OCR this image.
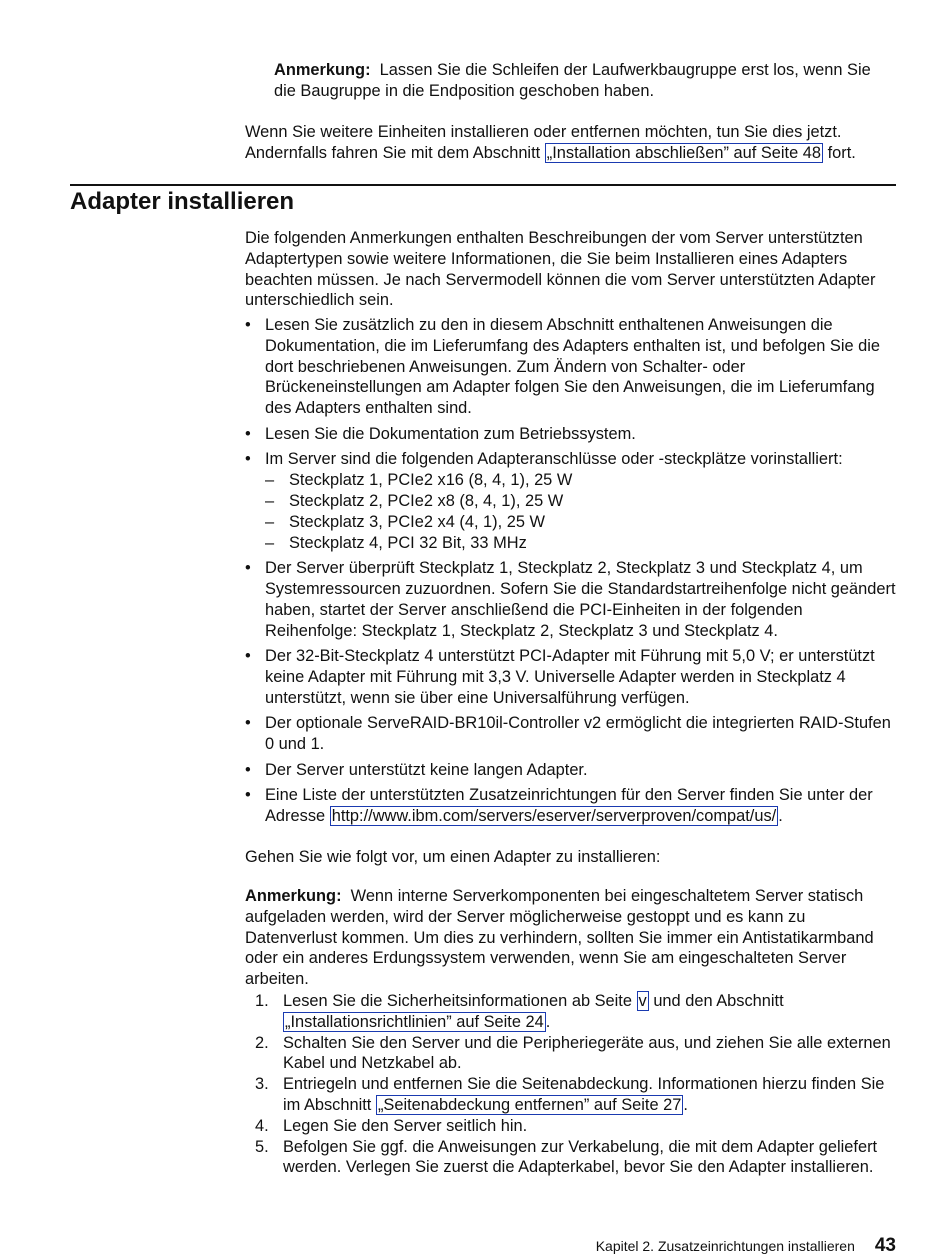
Anmerkung: Lassen Sie die Schleifen der Laufwerkbaugruppe erst los, wenn Sie die Baugruppe in die Endposition geschoben haben.

Wenn Sie weitere Einheiten installieren oder entfernen möchten, tun Sie dies jetzt. Andernfalls fahren Sie mit dem Abschnitt „Installation abschließen” auf Seite 48 fort.

Adapter installieren

Die folgenden Anmerkungen enthalten Beschreibungen der vom Server unterstützten Adaptertypen sowie weitere Informationen, die Sie beim Installieren eines Adapters beachten müssen. Je nach Servermodell können die vom Server unterstützten Adapter unterschiedlich sein.

• Lesen Sie zusätzlich zu den in diesem Abschnitt enthaltenen Anweisungen die Dokumentation, die im Lieferumfang des Adapters enthalten ist, und befolgen Sie die dort beschriebenen Anweisungen. Zum Ändern von Schalter- oder Brückeneinstellungen am Adapter folgen Sie den Anweisungen, die im Lieferumfang des Adapters enthalten sind.
• Lesen Sie die Dokumentation zum Betriebssystem.
• Im Server sind die folgenden Adapteranschlüsse oder -steckplätze vorinstalliert:
– Steckplatz 1, PCIe2 x16 (8, 4, 1), 25 W
– Steckplatz 2, PCIe2 x8 (8, 4, 1), 25 W
– Steckplatz 3, PCIe2 x4 (4, 1), 25 W
– Steckplatz 4, PCI 32 Bit, 33 MHz
• Der Server überprüft Steckplatz 1, Steckplatz 2, Steckplatz 3 und Steckplatz 4, um Systemressourcen zuzuordnen. Sofern Sie die Standardstartreihenfolge nicht geändert haben, startet der Server anschließend die PCI-Einheiten in der folgenden Reihenfolge: Steckplatz 1, Steckplatz 2, Steckplatz 3 und Steckplatz 4.
• Der 32-Bit-Steckplatz 4 unterstützt PCI-Adapter mit Führung mit 5,0 V; er unterstützt keine Adapter mit Führung mit 3,3 V. Universelle Adapter werden in Steckplatz 4 unterstützt, wenn sie über eine Universalführung verfügen.
• Der optionale ServeRAID-BR10il-Controller v2 ermöglicht die integrierten RAID-Stufen 0 und 1.
• Der Server unterstützt keine langen Adapter.
• Eine Liste der unterstützten Zusatzeinrichtungen für den Server finden Sie unter der Adresse http://www.ibm.com/servers/eserver/serverproven/compat/us/ .

Gehen Sie wie folgt vor, um einen Adapter zu installieren:

Anmerkung: Wenn interne Serverkomponenten bei eingeschaltetem Server statisch aufgeladen werden, wird der Server möglicherweise gestoppt und es kann zu Datenverlust kommen. Um dies zu verhindern, sollten Sie immer ein Antistatikarmband oder ein anderes Erdungssystem verwenden, wenn Sie am eingeschalteten Server arbeiten.

1. Lesen Sie die Sicherheitsinformationen ab Seite v und den Abschnitt „Installationsrichtlinien” auf Seite 24 .
2. Schalten Sie den Server und die Peripheriegeräte aus, und ziehen Sie alle externen Kabel und Netzkabel ab.
3. Entriegeln und entfernen Sie die Seitenabdeckung. Informationen hierzu finden Sie im Abschnitt „Seitenabdeckung entfernen” auf Seite 27 .
4. Legen Sie den Server seitlich hin.
5. Befolgen Sie ggf. die Anweisungen zur Verkabelung, die mit dem Adapter geliefert werden. Verlegen Sie zuerst die Adapterkabel, bevor Sie den Adapter installieren.
Kapitel 2. Zusatzeinrichtungen installieren 43
